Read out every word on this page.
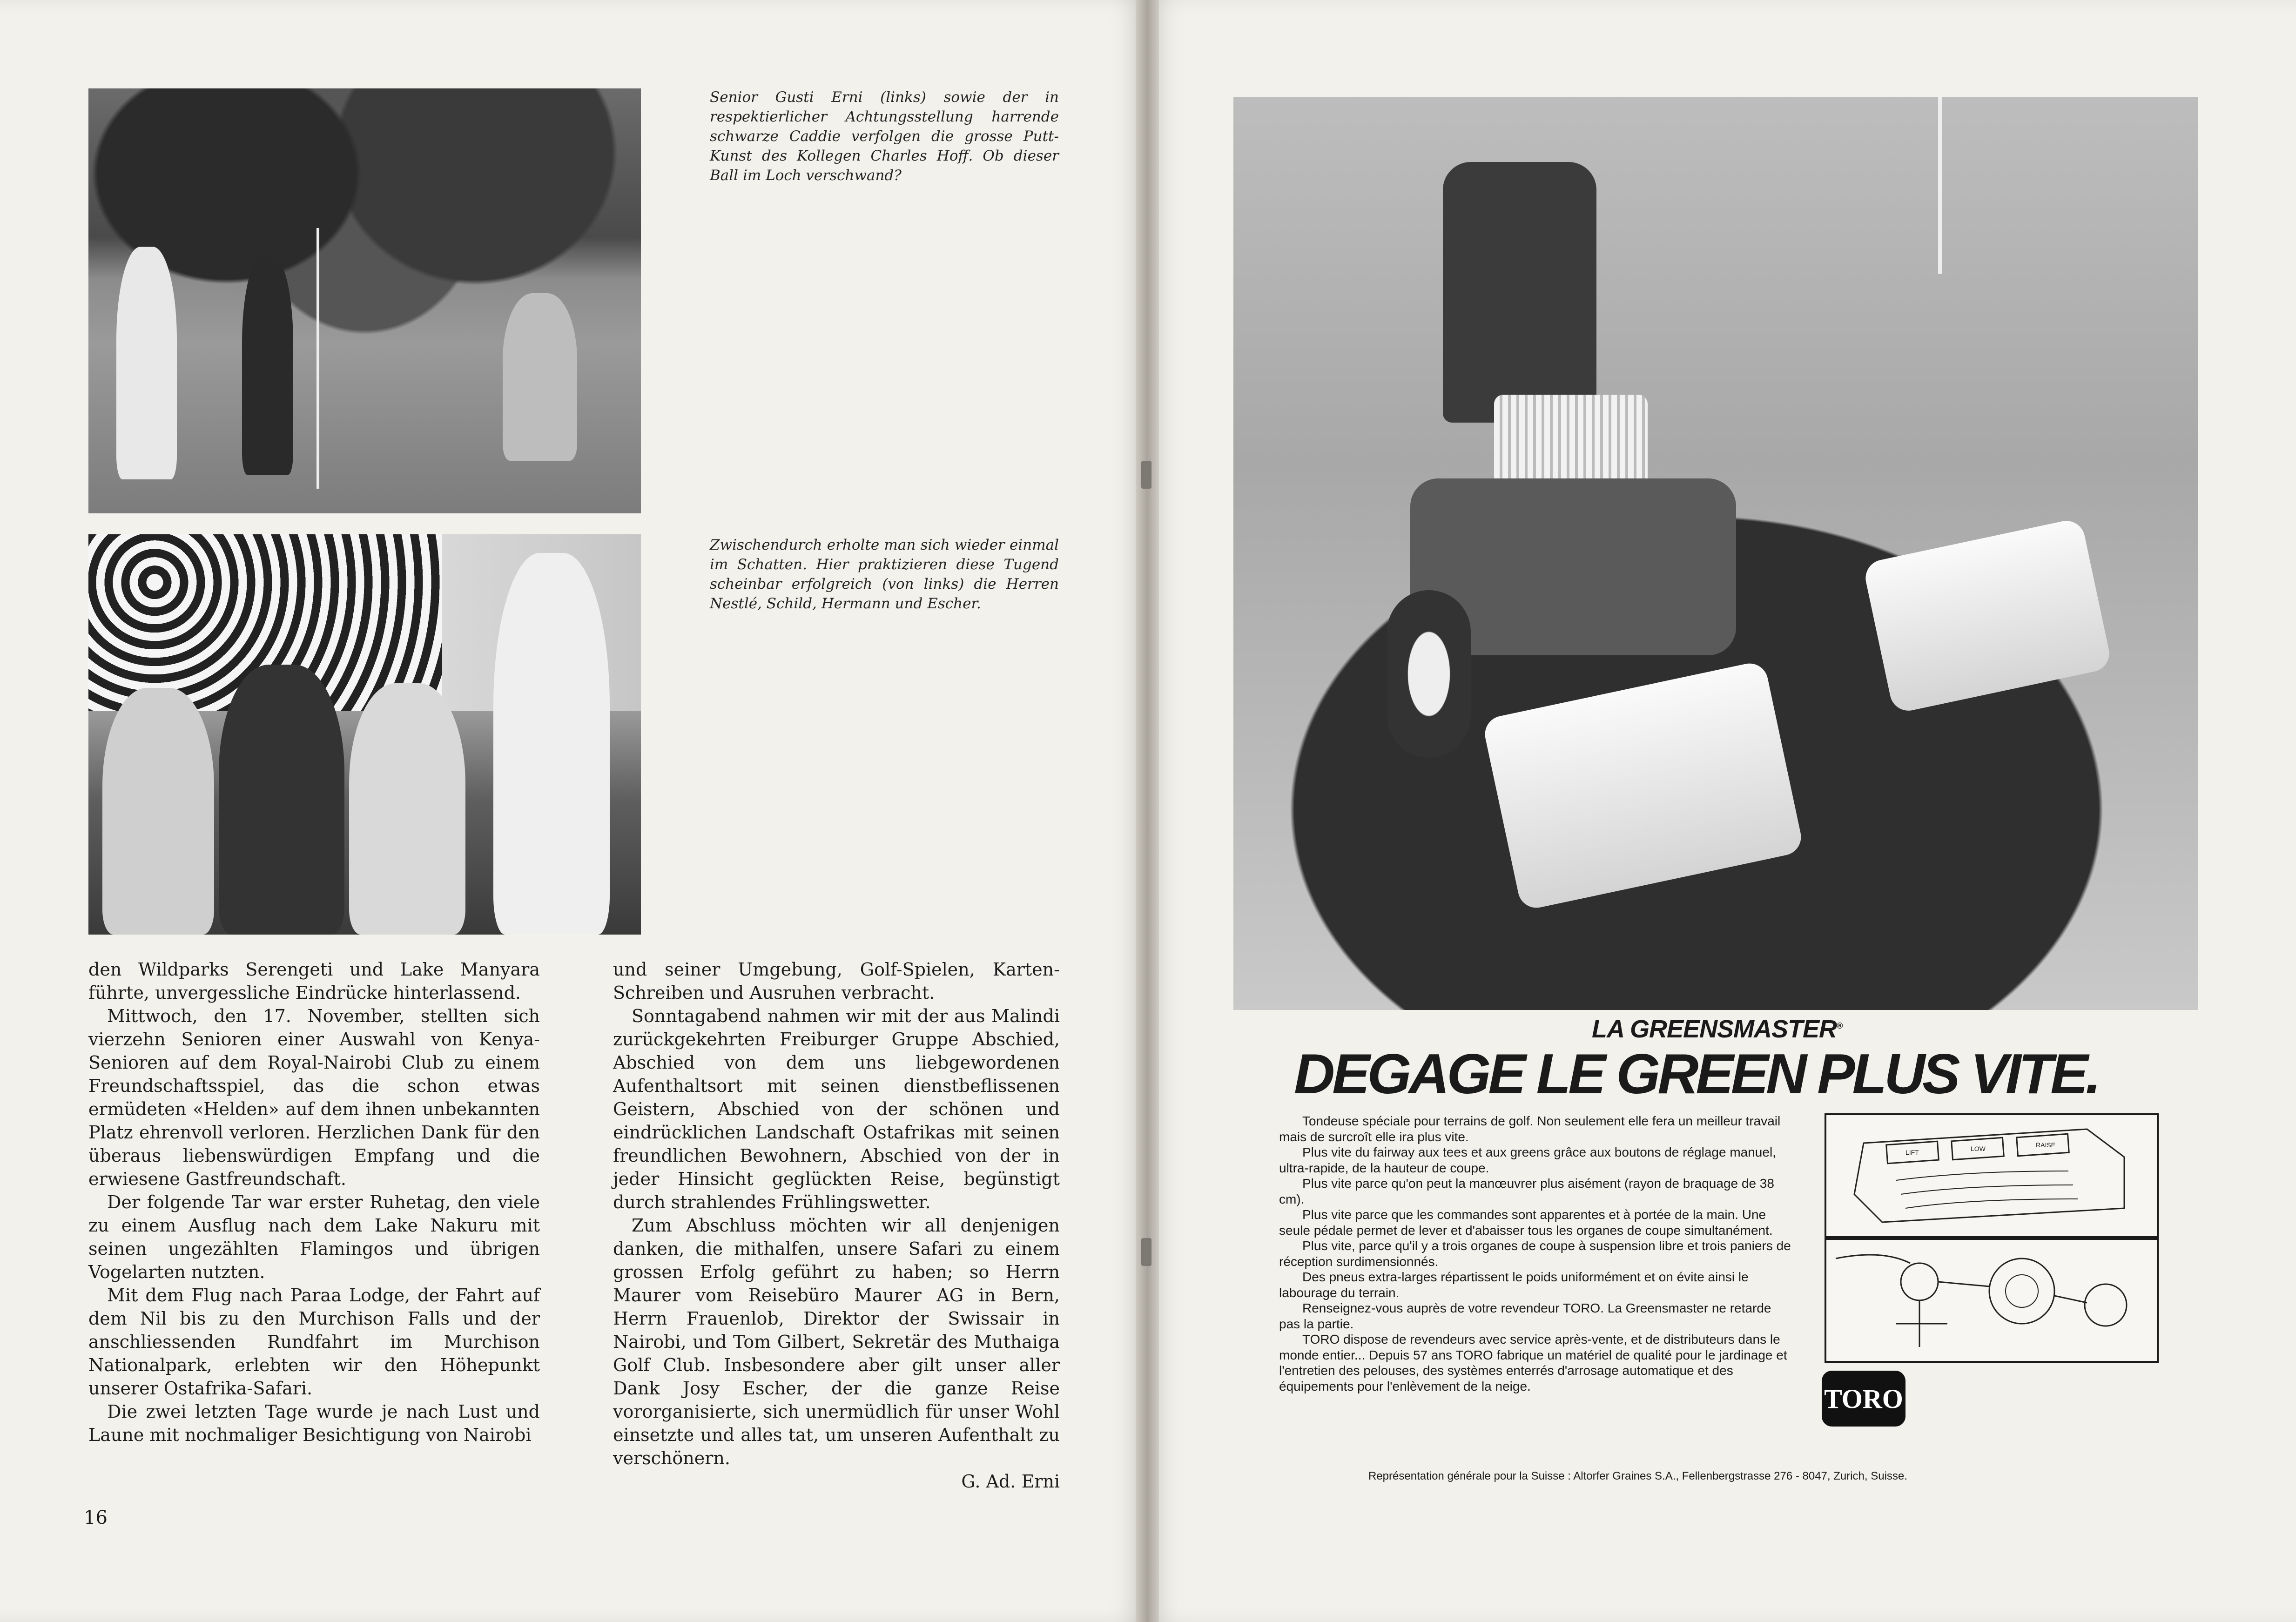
Senior Gusti Erni (links) sowie der in respektierlicher Achtungsstellung harrende schwarze Caddie verfolgen die grosse Putt-Kunst des Kollegen Charles Hoff. Ob dieser Ball im Loch verschwand?
Zwischendurch erholte man sich wieder einmal im Schatten. Hier praktizieren diese Tugend scheinbar erfolgreich (von links) die Herren Nestlé, Schild, Hermann und Escher.

den Wildparks Serengeti und Lake Manyara führte, unvergessliche Eindrücke hinterlassend.

Mittwoch, den 17. November, stellten sich vierzehn Senioren einer Auswahl von Kenya-Senioren auf dem Royal-Nairobi Club zu einem Freundschaftsspiel, das die schon etwas ermüdeten «Helden» auf dem ihnen unbekannten Platz ehrenvoll verloren. Herzlichen Dank für den überaus liebenswürdigen Empfang und die erwiesene Gastfreundschaft.

Der folgende Tar war erster Ruhetag, den viele zu einem Ausflug nach dem Lake Nakuru mit seinen ungezählten Flamingos und übrigen Vogelarten nutzten.

Mit dem Flug nach Paraa Lodge, der Fahrt auf dem Nil bis zu den Murchison Falls und der anschliessenden Rundfahrt im Murchison Nationalpark, erlebten wir den Höhepunkt unserer Ostafrika-Safari.

Die zwei letzten Tage wurde je nach Lust und Laune mit nochmaliger Besichtigung von Nairobi

und seiner Umgebung, Golf-Spielen, Karten-Schreiben und Ausruhen verbracht.

Sonntagabend nahmen wir mit der aus Malindi zurückgekehrten Freiburger Gruppe Abschied, Abschied von dem uns liebgewordenen Aufenthaltsort mit seinen dienstbeflissenen Geistern, Abschied von der schönen und eindrücklichen Landschaft Ostafrikas mit seinen freundlichen Bewohnern, Abschied von der in jeder Hinsicht geglückten Reise, begünstigt durch strahlendes Frühlingswetter.

Zum Abschluss möchten wir all denjenigen danken, die mithalfen, unsere Safari zu einem grossen Erfolg geführt zu haben; so Herrn Maurer vom Reisebüro Maurer AG in Bern, Herrn Frauenlob, Direktor der Swissair in Nairobi, und Tom Gilbert, Sekretär des Muthaiga Golf Club. Insbesondere aber gilt unser aller Dank Josy Escher, der die ganze Reise vororganisierte, sich unermüdlich für unser Wohl einsetzte und alles tat, um unseren Aufenthalt zu verschönern.

G. Ad. Erni

16
LA GREENSMASTER®
DEGAGE LE GREEN PLUS VITE.

Tondeuse spéciale pour terrains de golf. Non seulement elle fera un meilleur travail mais de surcroît elle ira plus vite.

Plus vite du fairway aux tees et aux greens grâce aux boutons de réglage manuel, ultra-rapide, de la hauteur de coupe.

Plus vite parce qu'on peut la manœuvrer plus aisément (rayon de braquage de 38 cm).

Plus vite parce que les commandes sont apparentes et à portée de la main. Une seule pédale permet de lever et d'abaisser tous les organes de coupe simultanément.

Plus vite, parce qu'il y a trois organes de coupe à suspension libre et trois paniers de réception surdimensionnés.

Des pneus extra-larges répartissent le poids uniformément et on évite ainsi le labourage du terrain.

Renseignez-vous auprès de votre revendeur TORO. La Greensmaster ne retarde pas la partie.

TORO dispose de revendeurs avec service après-vente, et de distributeurs dans le monde entier... Depuis 57 ans TORO fabrique un matériel de qualité pour le jardinage et l'entretien des pelouses, des systèmes enterrés d'arrosage automatique et des équipements pour l'enlèvement de la neige.

LIFT	LOW	RAISE
TORO
Représentation générale pour la Suisse : Altorfer Graines S.A., Fellenbergstrasse 276 - 8047, Zurich, Suisse.
